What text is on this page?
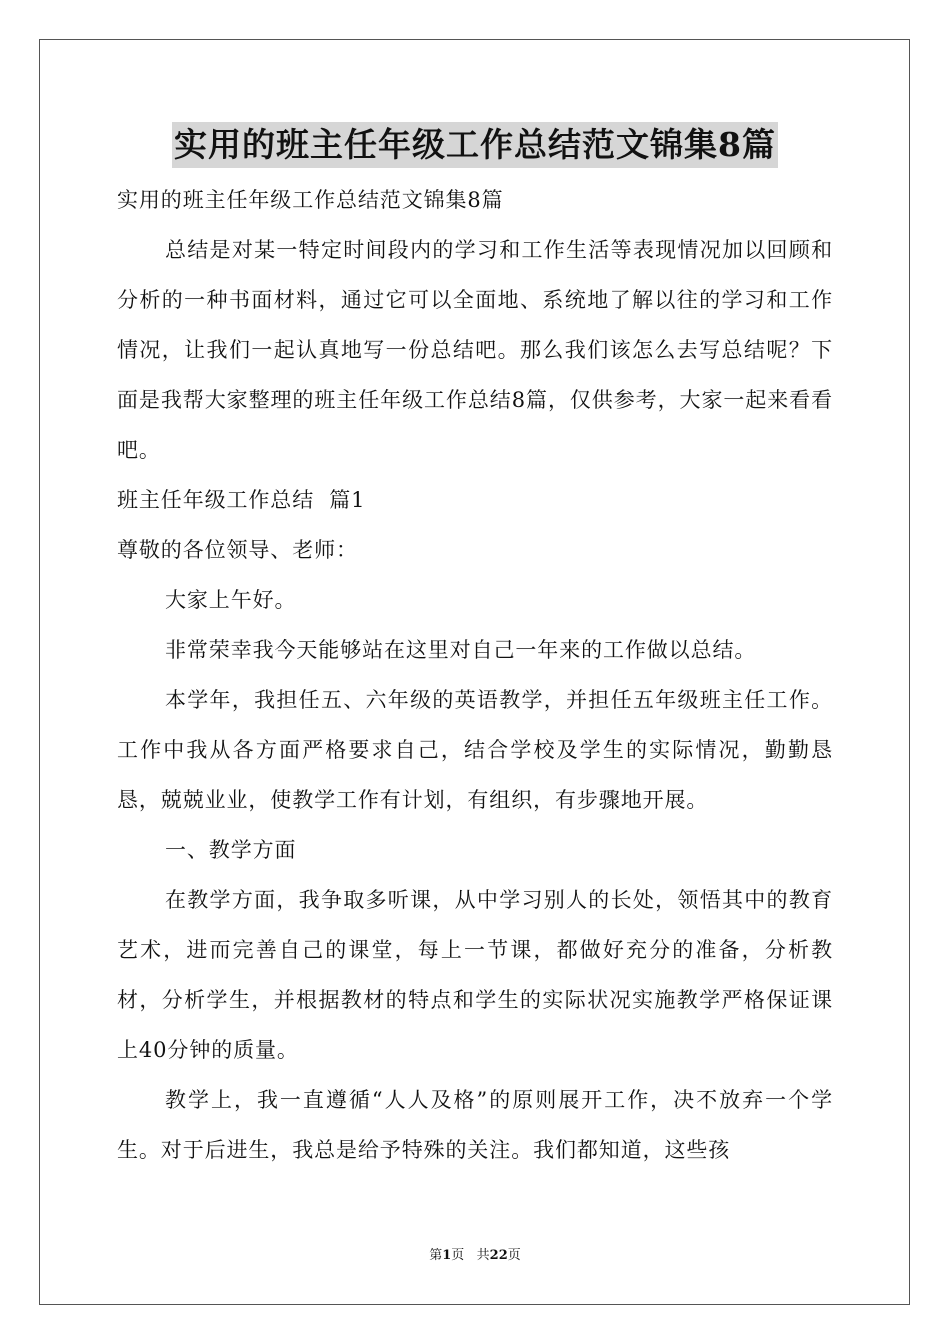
实用的班主任年级工作总结范文锦集8篇
实用的班主任年级工作总结范文锦集8篇
总结是对某一特定时间段内的学习和工作生活等表现情况加以回顾和分析的一种书面材料，通过它可以全面地、系统地了解以往的学习和工作情况，让我们一起认真地写一份总结吧。那么我们该怎么去写总结呢？下面是我帮大家整理的班主任年级工作总结8篇，仅供参考，大家一起来看看吧。
班主任年级工作总结  篇1
尊敬的各位领导、老师：
大家上午好。
非常荣幸我今天能够站在这里对自己一年来的工作做以总结。
本学年，我担任五、六年级的英语教学，并担任五年级班主任工作。工作中我从各方面严格要求自己，结合学校及学生的实际情况，勤勤恳恳，兢兢业业，使教学工作有计划，有组织，有步骤地开展。
一、教学方面
在教学方面，我争取多听课，从中学习别人的长处，领悟其中的教育艺术，进而完善自己的课堂，每上一节课，都做好充分的准备，分析教材，分析学生，并根据教材的特点和学生的实际状况实施教学严格保证课上40分钟的质量。
教学上，我一直遵循“人人及格”的原则展开工作，决不放弃一个学生。对于后进生，我总是给予特殊的关注。我们都知道，这些孩
第1页   共22页
